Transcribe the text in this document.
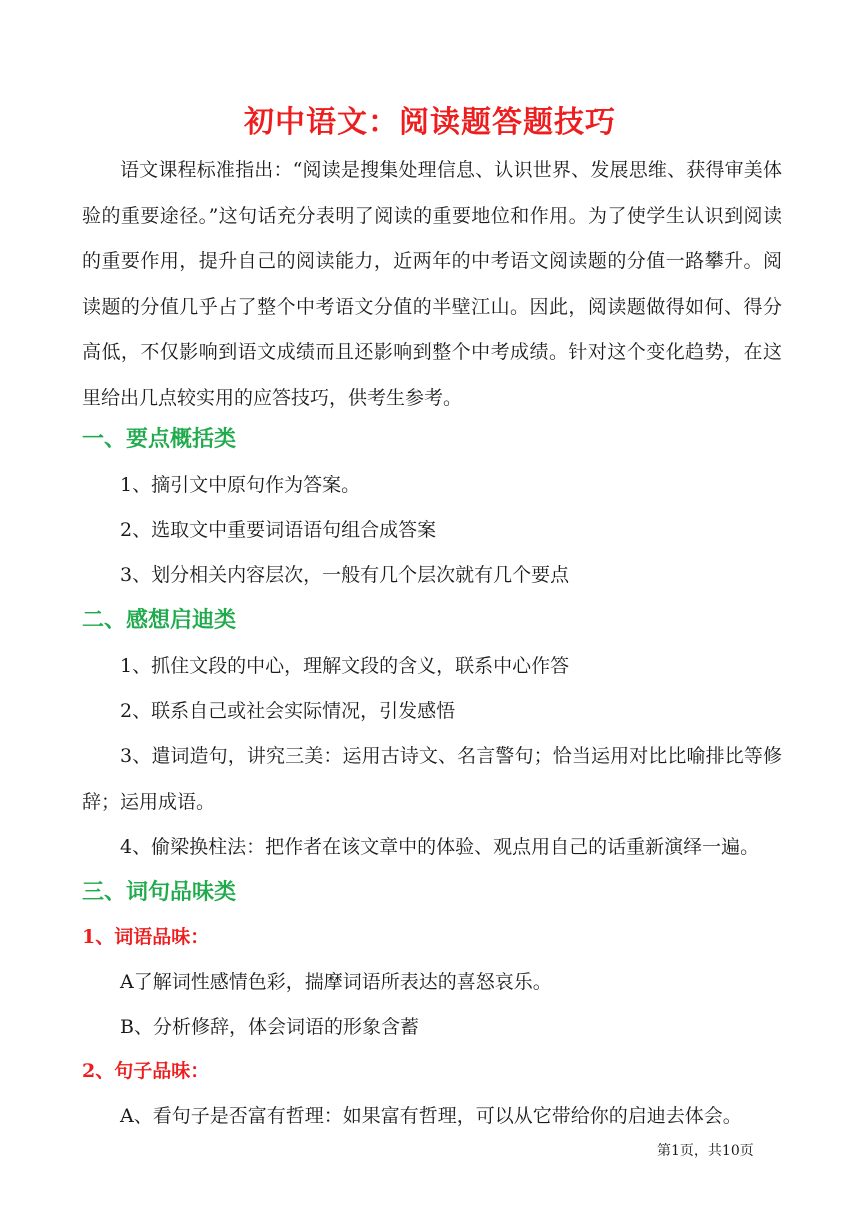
初中语文：阅读题答题技巧

语文课程标准指出：“阅读是搜集处理信息、认识世界、发展思维、获得审美体验的重要途径。”这句话充分表明了阅读的重要地位和作用。为了使学生认识到阅读的重要作用，提升自己的阅读能力，近两年的中考语文阅读题的分值一路攀升。阅读题的分值几乎占了整个中考语文分值的半壁江山。因此，阅读题做得如何、得分高低，不仅影响到语文成绩而且还影响到整个中考成绩。针对这个变化趋势，在这里给出几点较实用的应答技巧，供考生参考。

一、要点概括类
1、摘引文中原句作为答案。
2、选取文中重要词语语句组合成答案
3、划分相关内容层次，一般有几个层次就有几个要点
二、感想启迪类
1、抓住文段的中心，理解文段的含义，联系中心作答
2、联系自己或社会实际情况，引发感悟
3、遣词造句，讲究三美：运用古诗文、名言警句；恰当运用对比比喻排比等修辞；运用成语。
4、偷梁换柱法：把作者在该文章中的体验、观点用自己的话重新演绎一遍。
三、词句品味类
1、词语品味：
A了解词性感情色彩，揣摩词语所表达的喜怒哀乐。
B、分析修辞，体会词语的形象含蓄
2、句子品味：
A、看句子是否富有哲理：如果富有哲理，可以从它带给你的启迪去体会。
第1页，共10页
